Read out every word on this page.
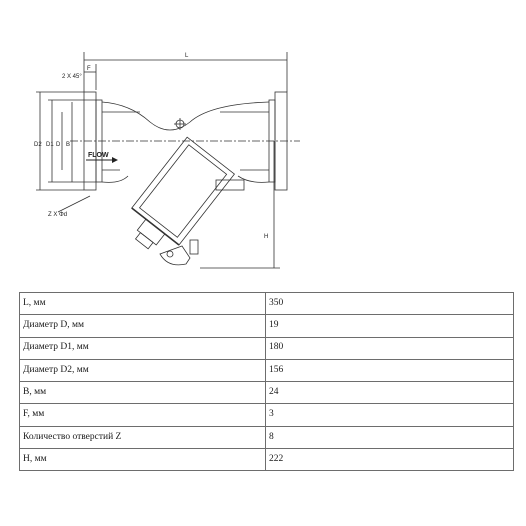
L
F
2 X 45°
D2 D1 D B
FLOW
Z X Φd
H
L, мм	350
Диаметр D, мм	19
Диаметр D1, мм	180
Диаметр D2, мм	156
B, мм	24
F, мм	3
Количество отверстий Z	8
H, мм	222
